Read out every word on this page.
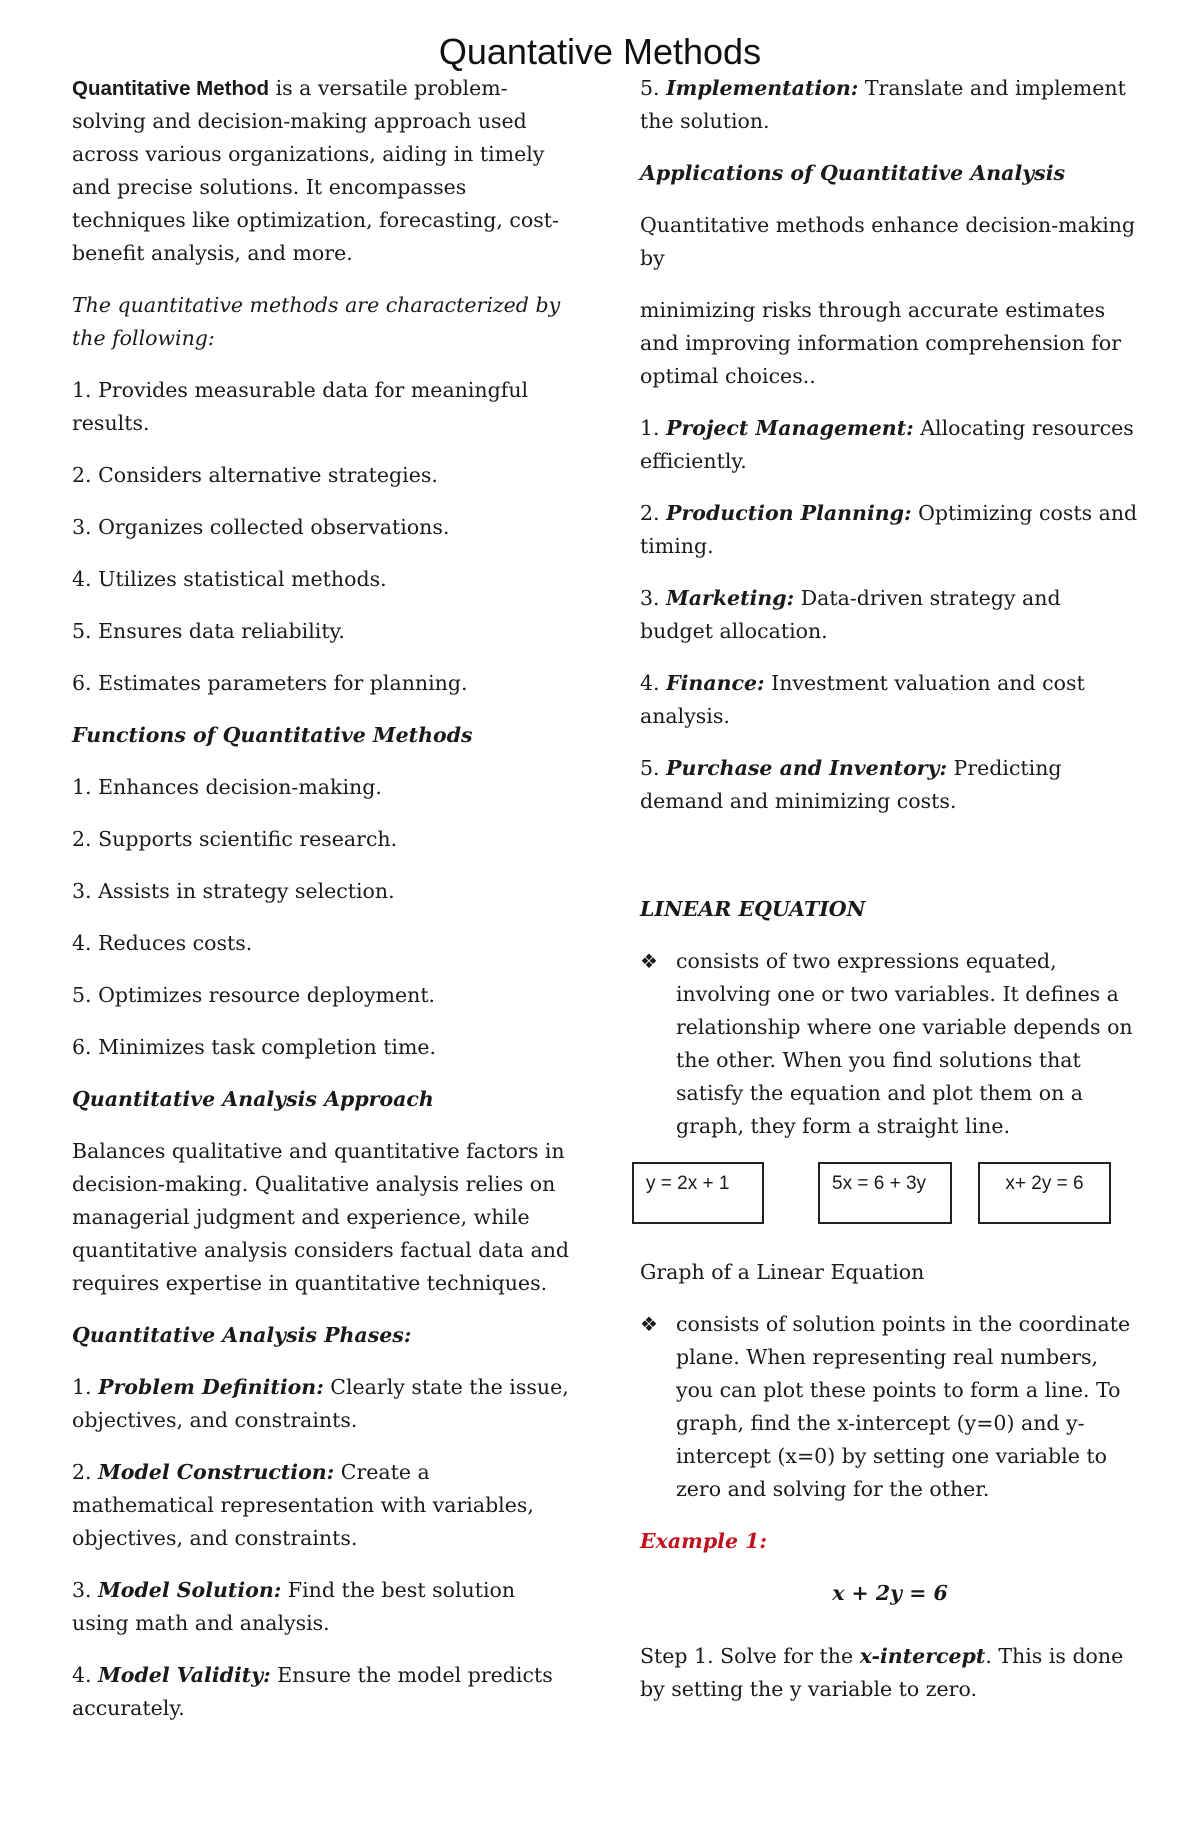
Quantative Methods

Quantitative Method is a versatile problem-solving and decision-making approach used across various organizations, aiding in timely and precise solutions. It encompasses techniques like optimization, forecasting, cost-benefit analysis, and more.

The quantitative methods are characterized by the following:

1. Provides measurable data for meaningful results.

2. Considers alternative strategies.

3. Organizes collected observations.

4. Utilizes statistical methods.

5. Ensures data reliability.

6. Estimates parameters for planning.

Functions of Quantitative Methods

1. Enhances decision-making.

2. Supports scientific research.

3. Assists in strategy selection.

4. Reduces costs.

5. Optimizes resource deployment.

6. Minimizes task completion time.

Quantitative Analysis Approach

Balances qualitative and quantitative factors in decision-making. Qualitative analysis relies on managerial judgment and experience, while quantitative analysis considers factual data and requires expertise in quantitative techniques.

Quantitative Analysis Phases:

1. Problem Definition: Clearly state the issue, objectives, and constraints.

2. Model Construction: Create a mathematical representation with variables, objectives, and constraints.

3. Model Solution: Find the best solution using math and analysis.

4. Model Validity: Ensure the model predicts accurately.

5. Implementation: Translate and implement the solution.

Applications of Quantitative Analysis

Quantitative methods enhance decision-making by

minimizing risks through accurate estimates and improving information comprehension for optimal choices..

1. Project Management: Allocating resources efficiently.

2. Production Planning: Optimizing costs and timing.

3. Marketing: Data-driven strategy and budget allocation.

4. Finance: Investment valuation and cost analysis.

5. Purchase and Inventory: Predicting demand and minimizing costs.

LINEAR EQUATION

❖ consists of two expressions equated, involving one or two variables. It defines a relationship where one variable depends on the other. When you find solutions that satisfy the equation and plot them on a graph, they form a straight line.
y = 2x + 1	5x = 6 + 3y	x+ 2y = 6

Graph of a Linear Equation

❖ consists of solution points in the coordinate plane. When representing real numbers, you can plot these points to form a line. To graph, find the x-intercept (y=0) and y-intercept (x=0) by setting one variable to zero and solving for the other.

Example 1:

x + 2y = 6

Step 1. Solve for the x-intercept. This is done by setting the y variable to zero.
